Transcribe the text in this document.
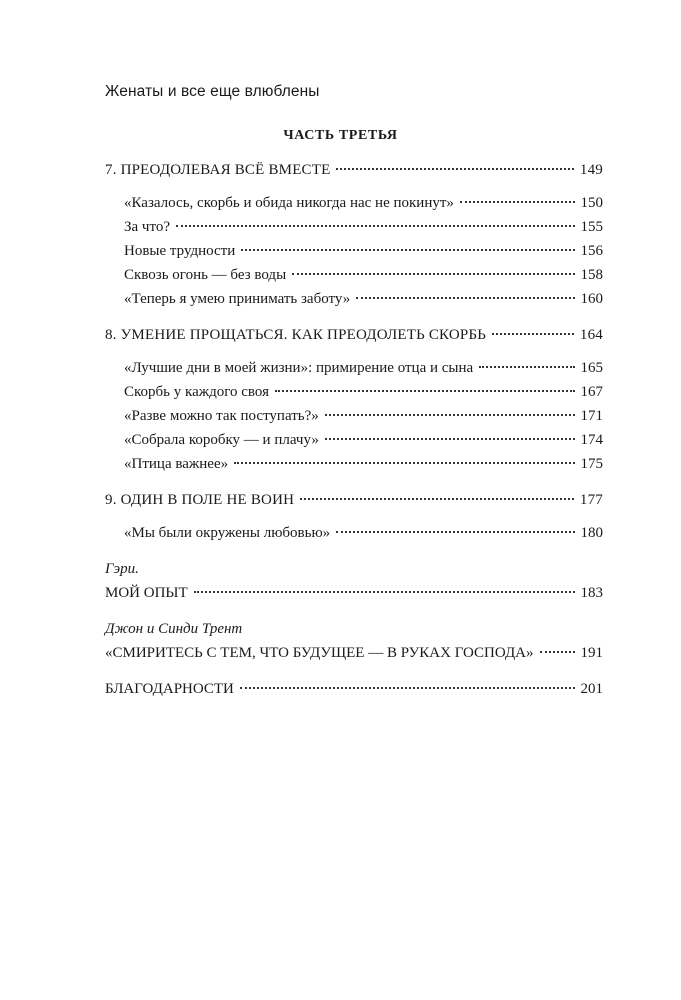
Женаты и все еще влюблены
ЧАСТЬ ТРЕТЬЯ
7. ПРЕОДОЛЕВАЯ ВСЁ ВМЕСТЕ	149
«Казалось, скорбь и обида никогда нас не покинут»	150
За что?	155
Новые трудности	156
Сквозь огонь — без воды	158
«Теперь я умею принимать заботу»	160
8. УМЕНИЕ ПРОЩАТЬСЯ. КАК ПРЕОДОЛЕТЬ СКОРБЬ	164
«Лучшие дни в моей жизни»: примирение отца и сына	165
Скорбь у каждого своя	167
«Разве можно так поступать?»	171
«Собрала коробку — и плачу»	174
«Птица важнее»	175
9. ОДИН В ПОЛЕ НЕ ВОИН	177
«Мы были окружены любовью»	180
Гэри.
МОЙ ОПЫТ	183
Джон и Синди Трент
«СМИРИТЕСЬ С ТЕМ, ЧТО БУДУЩЕЕ — В РУКАХ ГОСПОДА»	191
БЛАГОДАРНОСТИ	201
